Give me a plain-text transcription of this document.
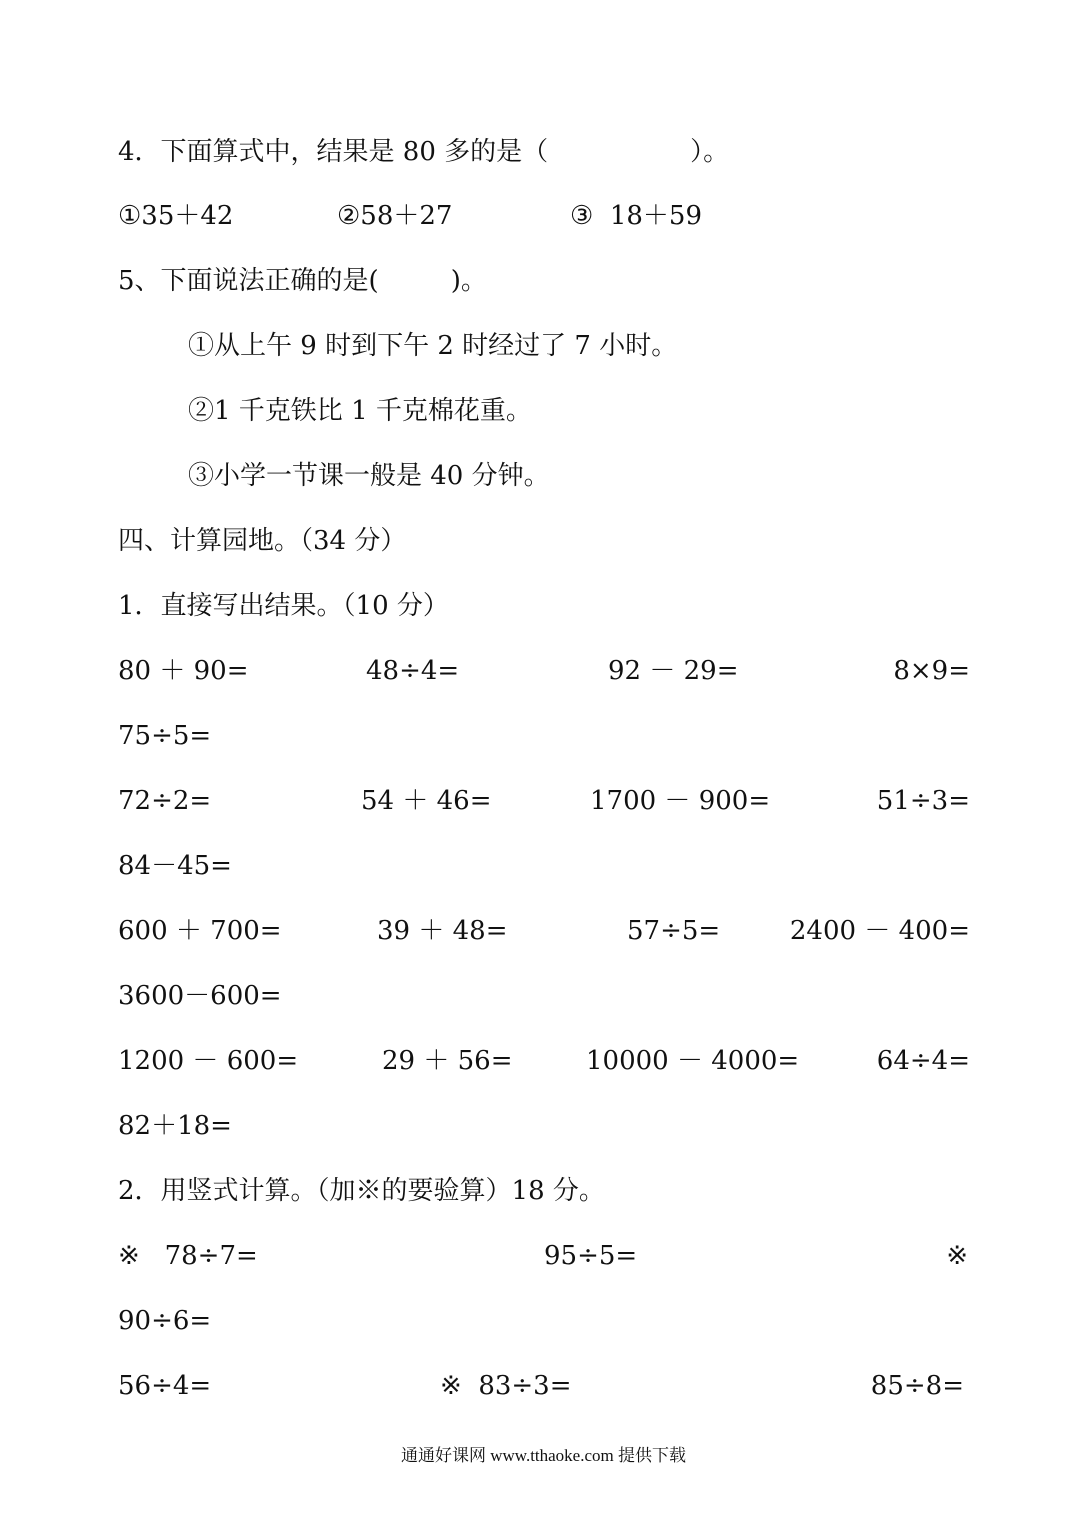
4．下面算式中，结果是 80 多的是（	）。
①35＋42	②58＋27	③  18＋59
5、下面说法正确的是(	)。
①从上午 9 时到下午 2 时经过了 7 小时。
②1 千克铁比 1 千克棉花重。
③小学一节课一般是 40 分钟。
四、计算园地。（34 分）
1．直接写出结果。（10 分）
80 ＋ 90=	48÷4=	92 － 29=	8×9=
75÷5=
72÷2=	54 ＋ 46=	1700 － 900=	51÷3=
84－45=
600 ＋ 700=	39 ＋ 48=	57÷5=	2400 － 400=
3600－600=
1200 － 600=	29 ＋ 56=	10000 － 4000=	64÷4=
82＋18=
2．用竖式计算。（加※的要验算）18 分。
※   78÷7=	95÷5=	※
90÷6=
56÷4=	※  83÷3=	85÷8=
通通好课网 www.tthaoke.com 提供下载
